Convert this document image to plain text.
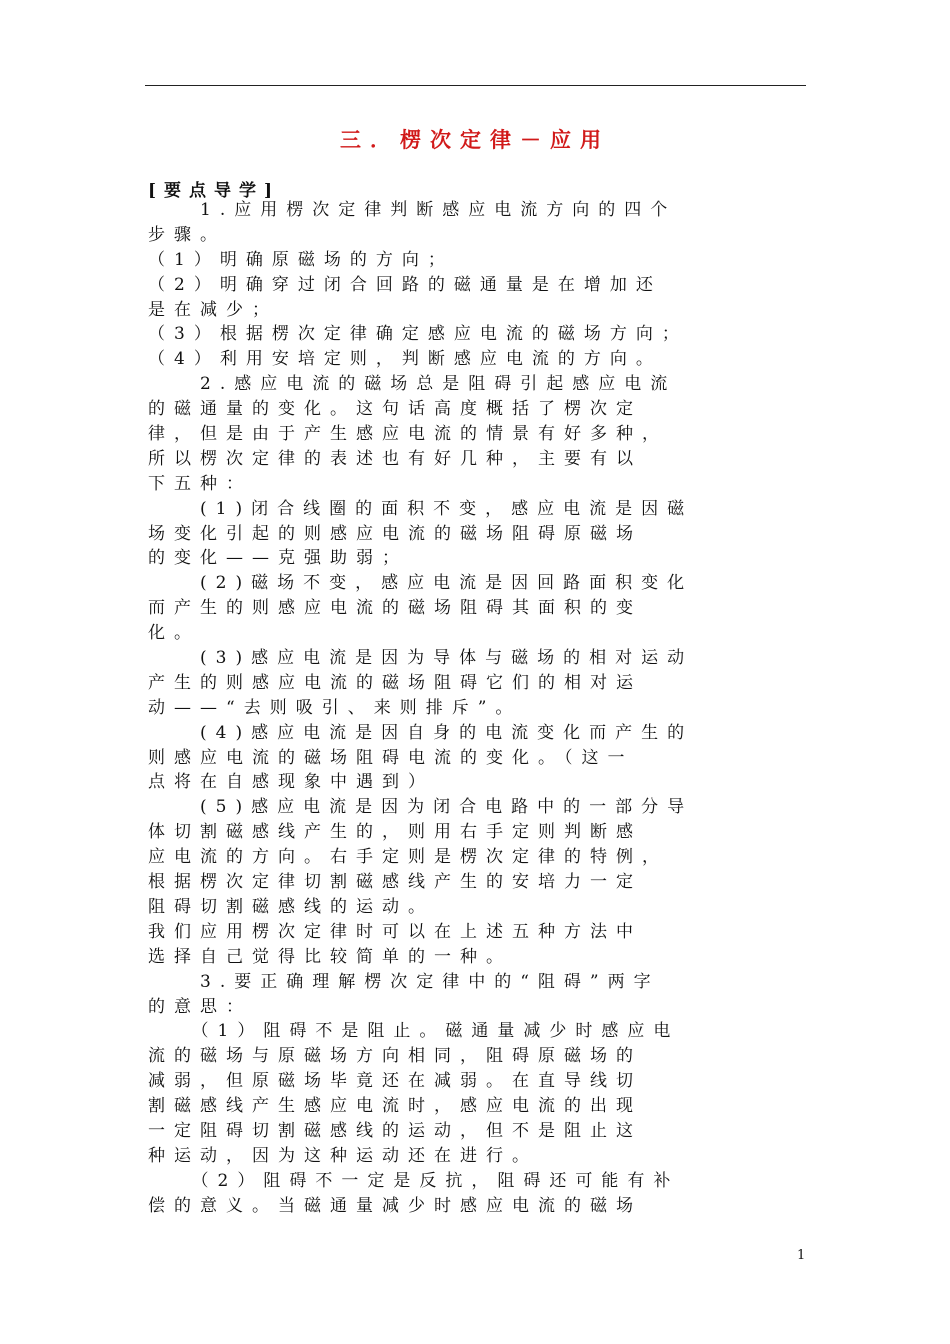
三．楞次定律－应用
[要点导学]
　　1.应用楞次定律判断感应电流方向的四个
步骤。
（1）明确原磁场的方向；
（2）明确穿过闭合回路的磁通量是在增加还
是在减少；
（3）根据楞次定律确定感应电流的磁场方向；
（4）利用安培定则，判断感应电流的方向。
　　2.感应电流的磁场总是阻碍引起感应电流
的磁通量的变化。这句话高度概括了楞次定
律，但是由于产生感应电流的情景有好多种，
所以楞次定律的表述也有好几种，主要有以
下五种：
　　(1)闭合线圈的面积不变，感应电流是因磁
场变化引起的则感应电流的磁场阻碍原磁场
的变化——克强助弱；
　　(2)磁场不变，感应电流是因回路面积变化
而产生的则感应电流的磁场阻碍其面积的变
化。
　　(3)感应电流是因为导体与磁场的相对运动
产生的则感应电流的磁场阻碍它们的相对运
动——“去则吸引、来则排斥”。
　　(4)感应电流是因自身的电流变化而产生的
则感应电流的磁场阻碍电流的变化。（这一
点将在自感现象中遇到）
　　(5)感应电流是因为闭合电路中的一部分导
体切割磁感线产生的，则用右手定则判断感
应电流的方向。右手定则是楞次定律的特例，
根据楞次定律切割磁感线产生的安培力一定
阻碍切割磁感线的运动。
我们应用楞次定律时可以在上述五种方法中
选择自己觉得比较简单的一种。
　　3.要正确理解楞次定律中的“阻碍”两字
的意思：
　　（1）阻碍不是阻止。磁通量减少时感应电
流的磁场与原磁场方向相同，阻碍原磁场的
减弱，但原磁场毕竟还在减弱。在直导线切
割磁感线产生感应电流时，感应电流的出现
一定阻碍切割磁感线的运动，但不是阻止这
种运动，因为这种运动还在进行。
　　（2）阻碍不一定是反抗，阻碍还可能有补
偿的意义。当磁通量减少时感应电流的磁场
1
